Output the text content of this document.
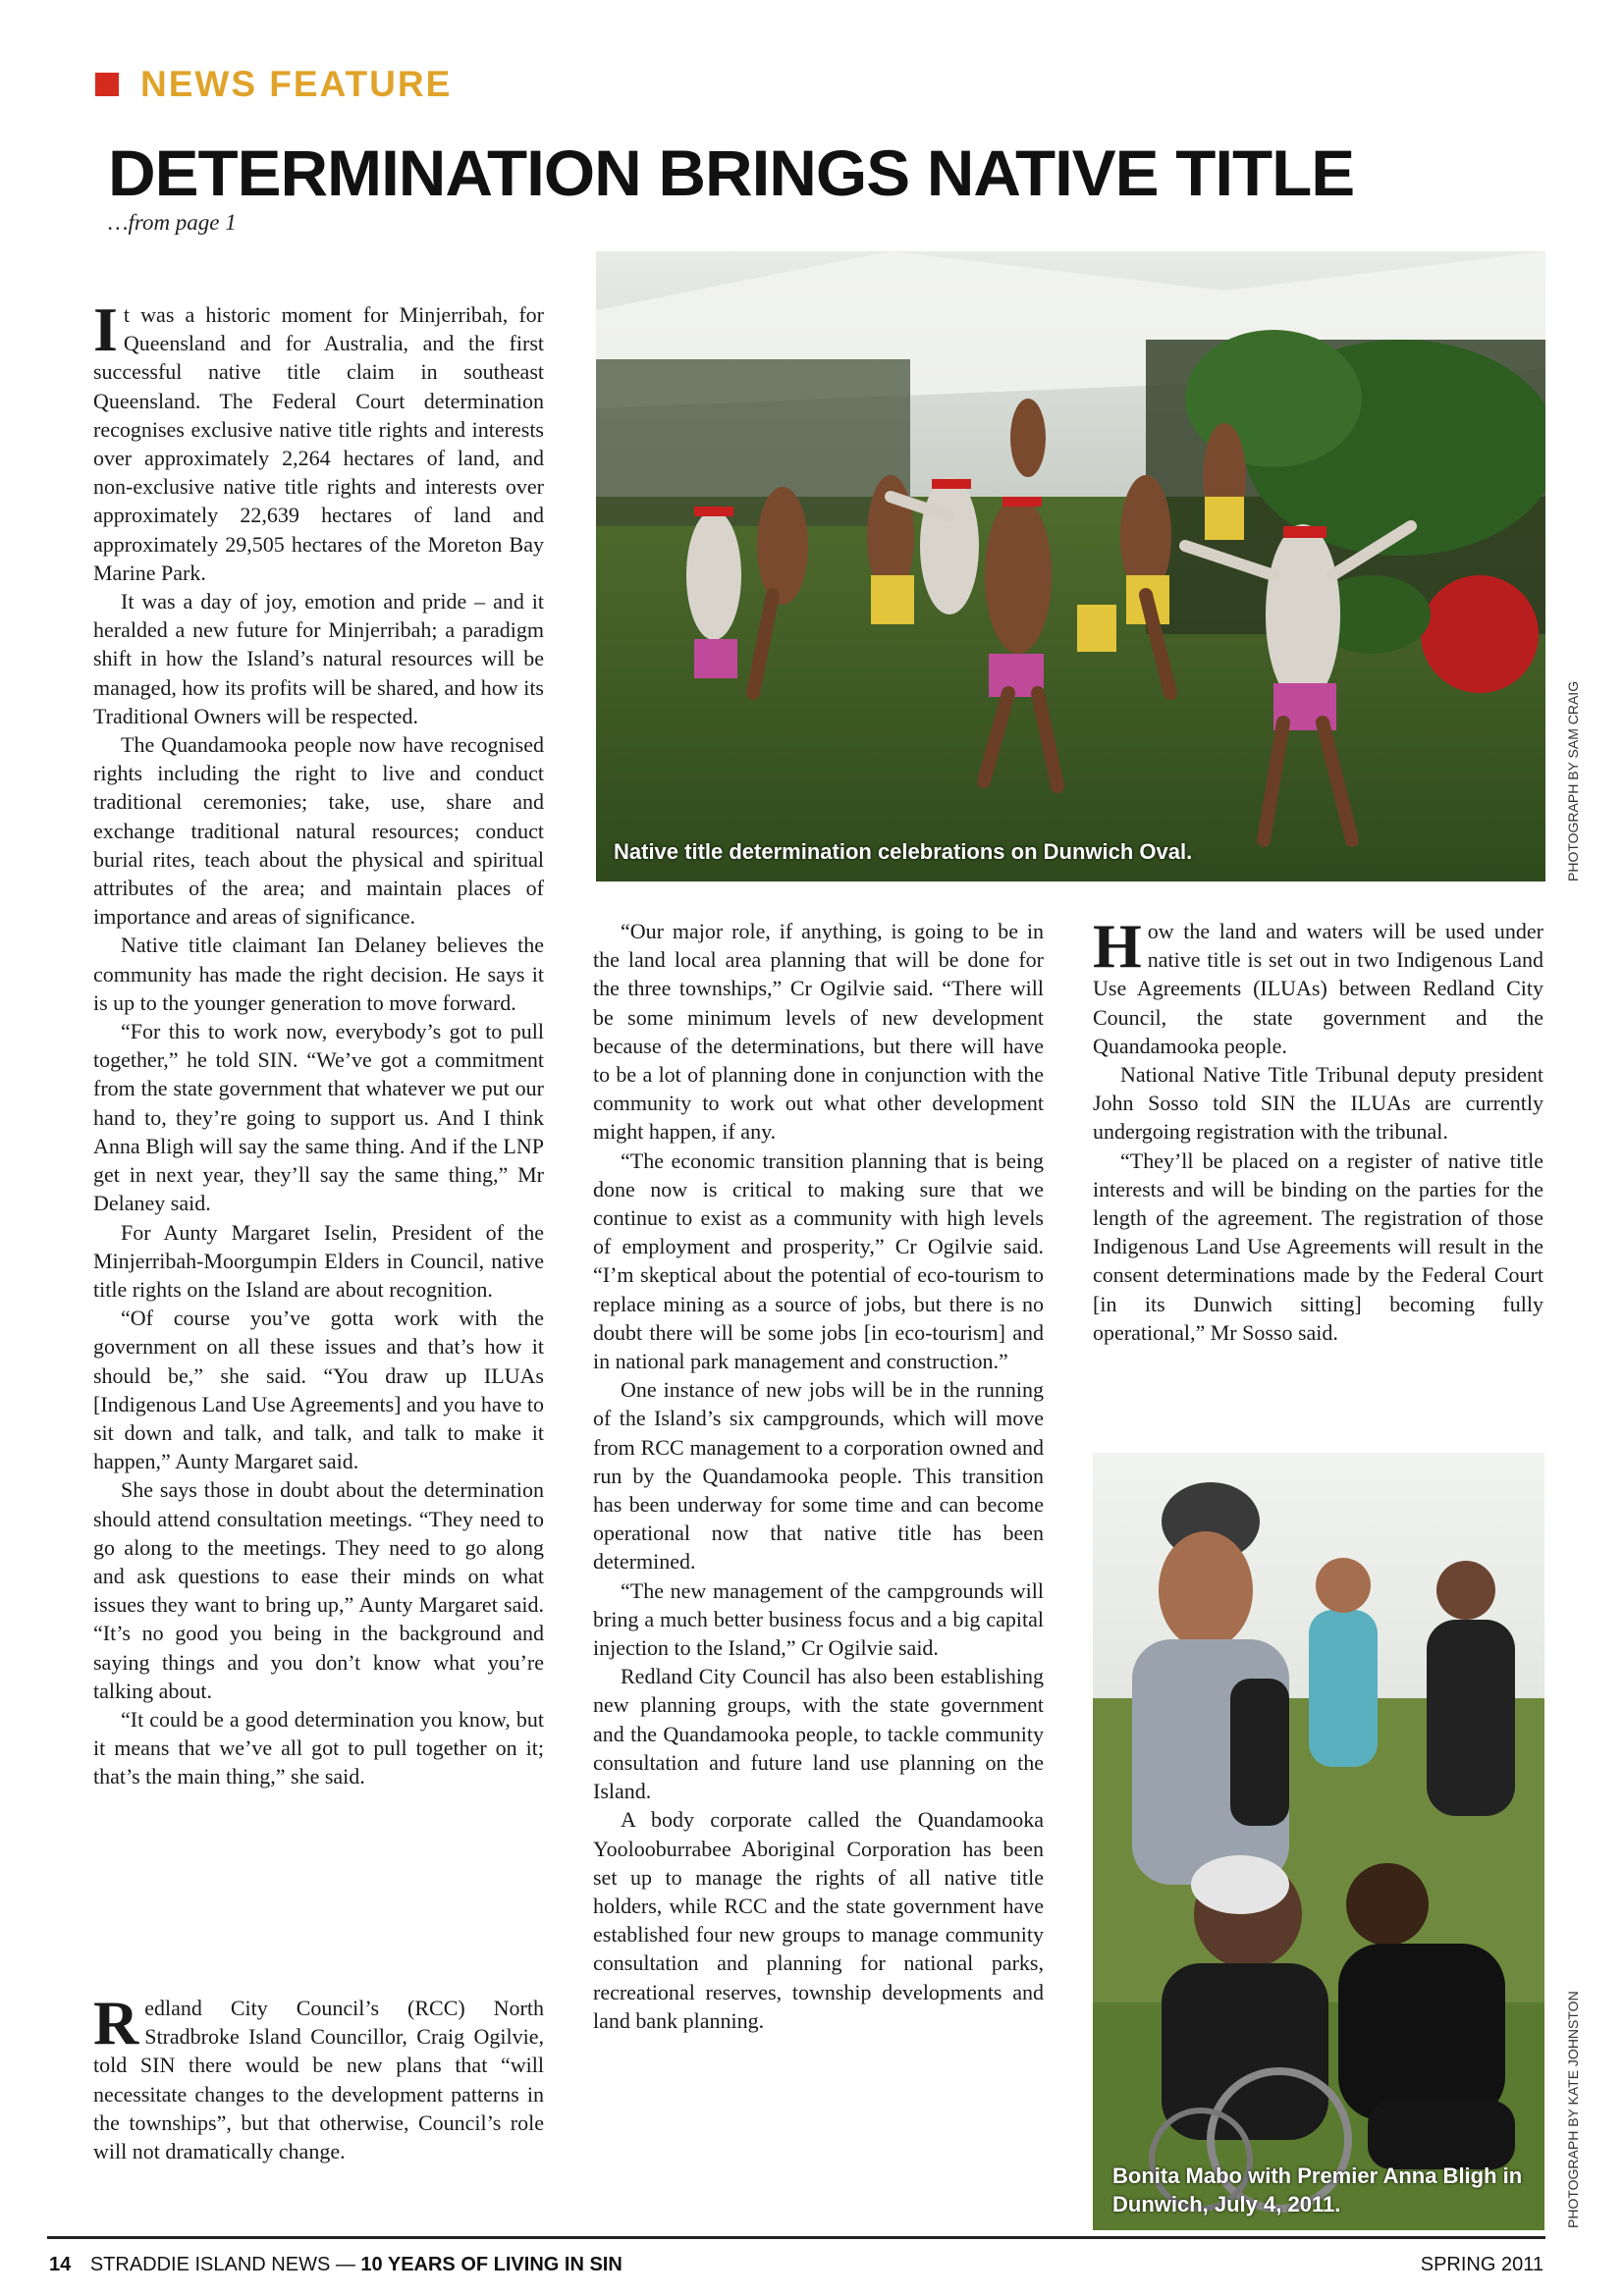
NEWS FEATURE
DETERMINATION BRINGS NATIVE TITLE
…from page 1

It was a historic moment for Minjerribah, for Queensland and for Australia, and the first successful native title claim in southeast Queensland. The Federal Court determination recognises exclusive native title rights and interests over approximately 2,264 hectares of land, and non-exclusive native title rights and interests over approximately 22,639 hectares of land and approximately 29,505 hectares of the Moreton Bay Marine Park.

It was a day of joy, emotion and pride – and it heralded a new future for Minjerribah; a paradigm shift in how the Island’s natural resources will be managed, how its profits will be shared, and how its Traditional Owners will be respected.

The Quandamooka people now have recognised rights including the right to live and conduct traditional ceremonies; take, use, share and exchange traditional natural resources; conduct burial rites, teach about the physical and spiritual attributes of the area; and maintain places of importance and areas of significance.

Native title claimant Ian Delaney believes the community has made the right decision. He says it is up to the younger generation to move forward.

“For this to work now, everybody’s got to pull together,” he told SIN. “We’ve got a commitment from the state government that whatever we put our hand to, they’re going to support us. And I think Anna Bligh will say the same thing. And if the LNP get in next year, they’ll say the same thing,” Mr Delaney said.

For Aunty Margaret Iselin, President of the Minjerribah-Moorgumpin Elders in Council, native title rights on the Island are about recognition.

“Of course you’ve gotta work with the government on all these issues and that’s how it should be,” she said. “You draw up ILUAs [Indigenous Land Use Agreements] and you have to sit down and talk, and talk, and talk to make it happen,” Aunty Margaret said.

She says those in doubt about the determination should attend consultation meetings. “They need to go along to the meetings. They need to go along and ask questions to ease their minds on what issues they want to bring up,” Aunty Margaret said. “It’s no good you being in the background and saying things and you don’t know what you’re talking about.

“It could be a good determination you know, but it means that we’ve all got to pull together on it; that’s the main thing,” she said.

Redland City Council’s (RCC) North Stradbroke Island Councillor, Craig Ogilvie, told SIN there would be new plans that “will necessitate changes to the development patterns in the townships”, but that otherwise, Council’s role will not dramatically change.

“Our major role, if anything, is going to be in the land local area planning that will be done for the three townships,” Cr Ogilvie said. “There will be some minimum levels of new development because of the determinations, but there will have to be a lot of planning done in conjunction with the community to work out what other development might happen, if any.

“The economic transition planning that is being done now is critical to making sure that we continue to exist as a community with high levels of employment and prosperity,” Cr Ogilvie said. “I’m skeptical about the potential of eco-tourism to replace mining as a source of jobs, but there is no doubt there will be some jobs [in eco-tourism] and in national park management and construction.”

One instance of new jobs will be in the running of the Island’s six campgrounds, which will move from RCC management to a corporation owned and run by the Quandamooka people. This transition has been underway for some time and can become operational now that native title has been determined.

“The new management of the campgrounds will bring a much better business focus and a big capital injection to the Island,” Cr Ogilvie said.

Redland City Council has also been establishing new planning groups, with the state government and the Quandamooka people, to tackle community consultation and future land use planning on the Island.

A body corporate called the Quandamooka Yoolooburrabee Aboriginal Corporation has been set up to manage the rights of all native title holders, while RCC and the state government have established four new groups to manage community consultation and planning for national parks, recreational reserves, township developments and land bank planning.

How the land and waters will be used under native title is set out in two Indigenous Land Use Agreements (ILUAs) between Redland City Council, the state government and the Quandamooka people.

National Native Title Tribunal deputy president John Sosso told SIN the ILUAs are currently undergoing registration with the tribunal.

“They’ll be placed on a register of native title interests and will be binding on the parties for the length of the agreement. The registration of those Indigenous Land Use Agreements will result in the consent determinations made by the Federal Court [in its Dunwich sitting] becoming fully operational,” Mr Sosso said.

Native title determination celebrations on Dunwich Oval.	PHOTOGRAPH BY SAM CRAIG
Bonita Mabo with Premier Anna Bligh in Dunwich, July 4, 2011.	PHOTOGRAPH BY KATE JOHNSTON
14 STRADDIE ISLAND NEWS — 10 YEARS OF LIVING IN SIN	SPRING 2011
